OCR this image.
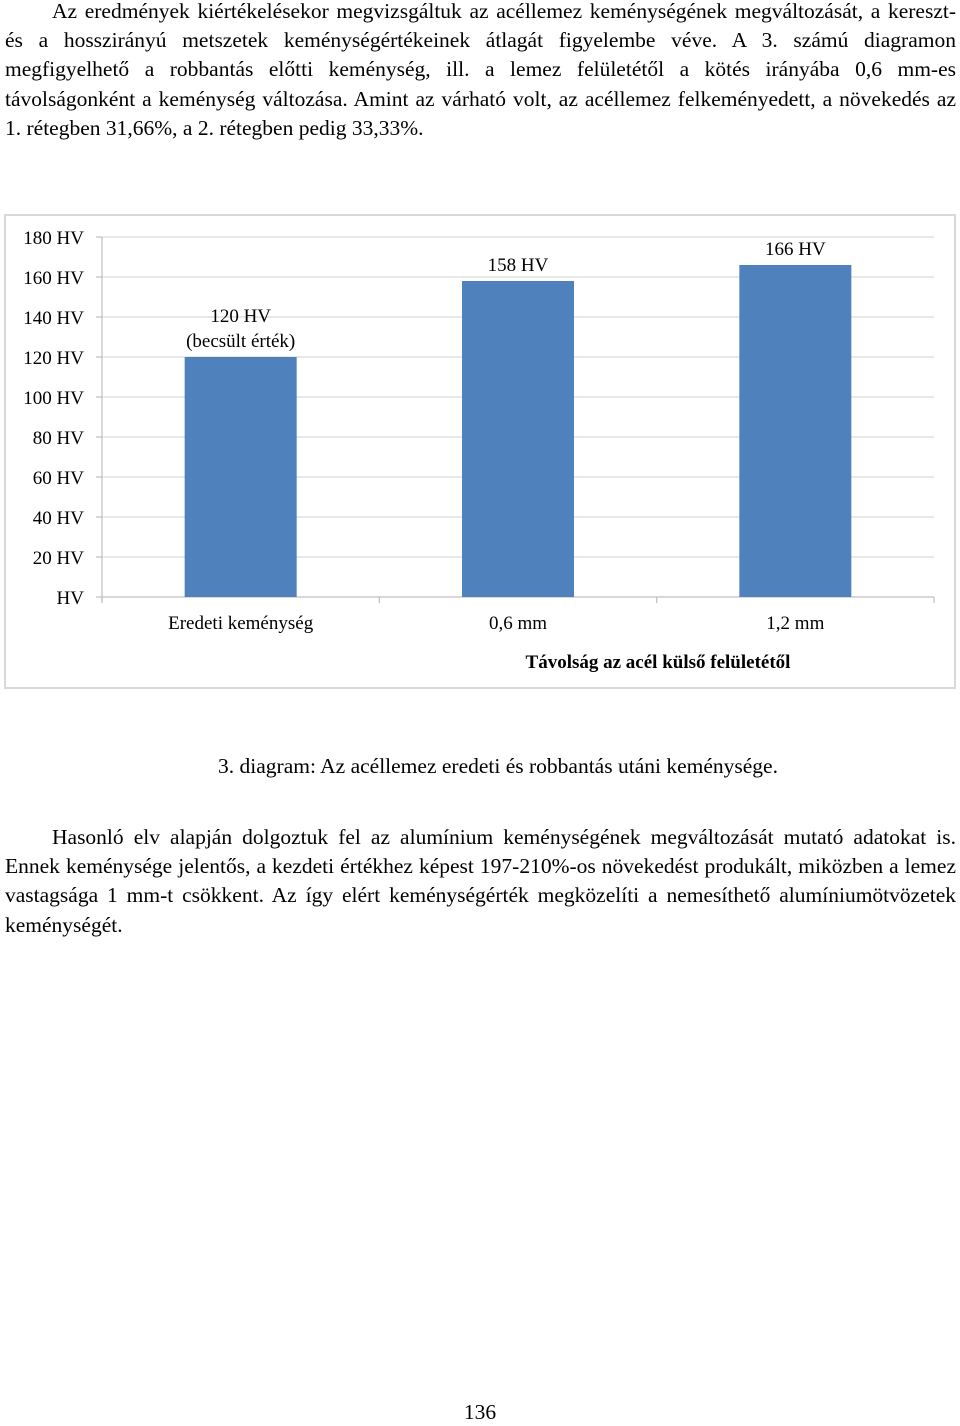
Az eredmények kiértékelésekor megvizsgáltuk az acéllemez keménységének megváltozását, a kereszt- és a hosszirányú metszetek keménységértékeinek átlagát figyelembe véve. A 3. számú diagramon megfigyelhető a robbantás előtti keménység, ill. a lemez felületétől a kötés irányába 0,6 mm-es távolságonként a keménység változása. Amint az várható volt, az acéllemez felkeményedett, a növekedés az 1. rétegben 31,66%, a 2. rétegben pedig 33,33%.

HV
20 HV
40 HV
60 HV
80 HV
100 HV
120 HV
140 HV
160 HV
180 HV
120 HV
(becsült érték)
Eredeti keménység
158 HV
0,6 mm
166 HV
1,2 mm
Távolság az acél külső felületétől
3. diagram: Az acéllemez eredeti és robbantás utáni keménysége.

Hasonló elv alapján dolgoztuk fel az alumínium keménységének megváltozását mutató adatokat is. Ennek keménysége jelentős, a kezdeti értékhez képest 197-210%-os növekedést produkált, miközben a lemez vastagsága 1 mm-t csökkent. Az így elért keménységérték megközelíti a nemesíthető alumíniumötvözetek keménységét.

136
